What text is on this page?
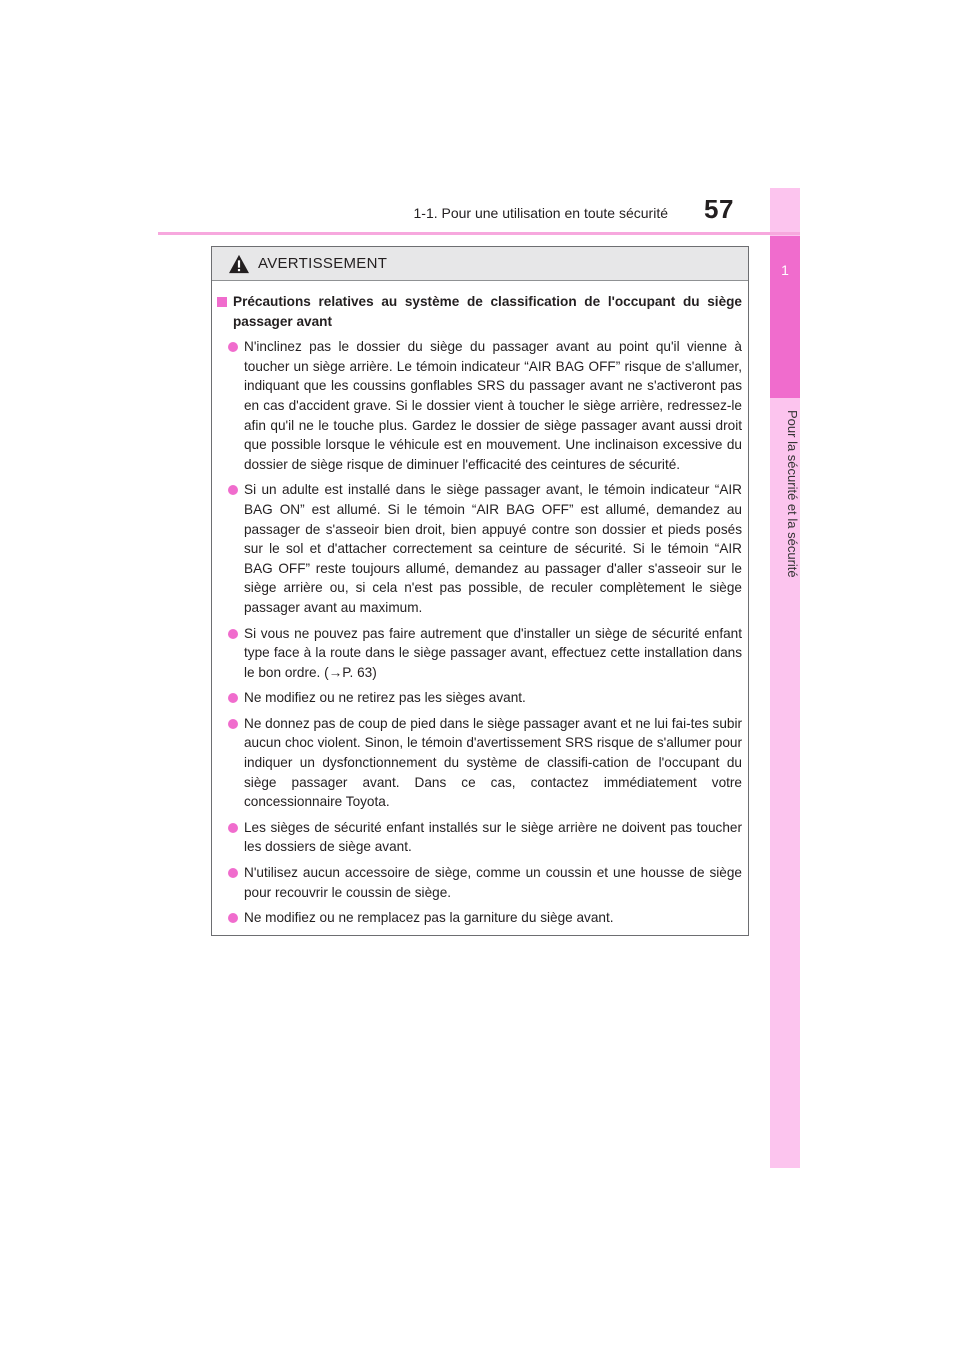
1
Pour la sécurité et la sécurité
1-1. Pour une utilisation en toute sécurité 57
AVERTISSEMENT
Précautions relatives au système de classification de l'occupant du siège passager avant
N'inclinez pas le dossier du siège du passager avant au point qu'il vienne à toucher un siège arrière. Le témoin indicateur “AIR BAG OFF” risque de s'allumer, indiquant que les coussins gonflables SRS du passager avant ne s'activeront pas en cas d'accident grave. Si le dossier vient à toucher le siège arrière, redressez-le afin qu'il ne le touche plus. Gardez le dossier de siège passager avant aussi droit que possible lorsque le véhicule est en mouvement. Une inclinaison excessive du dossier de siège risque de diminuer l'efficacité des ceintures de sécurité.
Si un adulte est installé dans le siège passager avant, le témoin indicateur “AIR BAG ON” est allumé. Si le témoin “AIR BAG OFF” est allumé, demandez au passager de s'asseoir bien droit, bien appuyé contre son dossier et pieds posés sur le sol et d'attacher correctement sa ceinture de sécurité. Si le témoin “AIR BAG OFF” reste toujours allumé, demandez au passager d'aller s'asseoir sur le siège arrière ou, si cela n'est pas possible, de reculer complètement le siège passager avant au maximum.
Si vous ne pouvez pas faire autrement que d'installer un siège de sécurité enfant type face à la route dans le siège passager avant, effectuez cette installation dans le bon ordre. (→P. 63)
Ne modifiez ou ne retirez pas les sièges avant.
Ne donnez pas de coup de pied dans le siège passager avant et ne lui fai-tes subir aucun choc violent. Sinon, le témoin d'avertissement SRS risque de s'allumer pour indiquer un dysfonctionnement du système de classifi-cation de l'occupant du siège passager avant. Dans ce cas, contactez immédiatement votre concessionnaire Toyota.
Les sièges de sécurité enfant installés sur le siège arrière ne doivent pas toucher les dossiers de siège avant.
N'utilisez aucun accessoire de siège, comme un coussin et une housse de siège pour recouvrir le coussin de siège.
Ne modifiez ou ne remplacez pas la garniture du siège avant.
